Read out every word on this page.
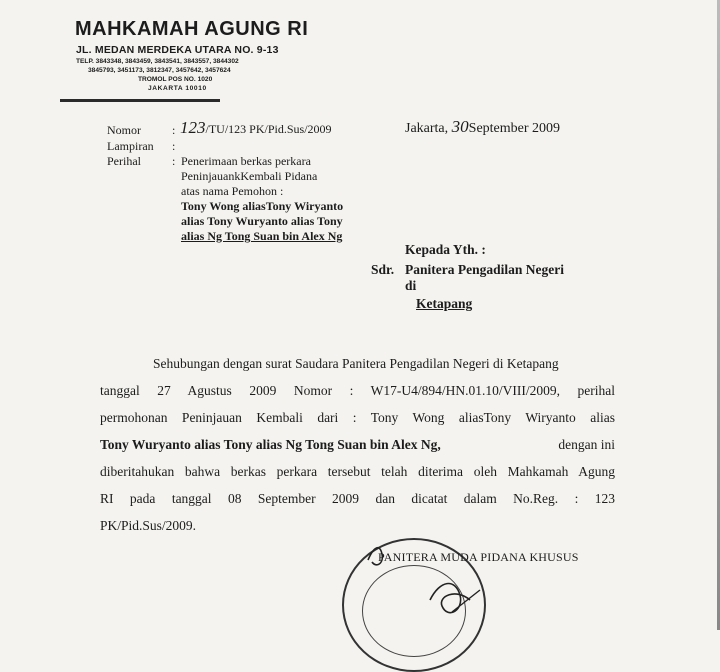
MAHKAMAH AGUNG RI
JL. MEDAN MERDEKA UTARA NO. 9-13
TELP. 3843348, 3843459, 3843541, 3843557, 3844302
3845793, 3451173, 3812347, 3457642, 3457624
TROMOL POS NO. 1020
JAKARTA 10010
Nomor	: 123/TU/123 PK/Pid.Sus/2009
Lampiran :
Perihal	: Penerimaan berkas perkara
PeninjauankKembali Pidana
atas nama Pemohon :
Tony Wong aliasTony Wiryanto
alias Tony Wuryanto alias Tony
alias Ng Tong Suan bin Alex Ng
Jakarta, 30September 2009
Kepada Yth. :
Sdr. Panitera Pengadilan Negeri
di
Ketapang
Sehubungan dengan surat Saudara Panitera Pengadilan Negeri di Ketapang
tanggal 27 Agustus 2009 Nomor : W17-U4/894/HN.01.10/VIII/2009, perihal
permohonan Peninjauan Kembali dari : Tony Wong aliasTony Wiryanto alias
Tony Wuryanto alias Tony alias Ng Tong Suan bin Alex Ng,	dengan ini
diberitahukan bahwa berkas perkara tersebut telah diterima oleh Mahkamah Agung
RI pada tanggal 08 September 2009 dan dicatat dalam No.Reg. : 123
PK/Pid.Sus/2009.
PANITERA MUDA PIDANA KHUSUS
